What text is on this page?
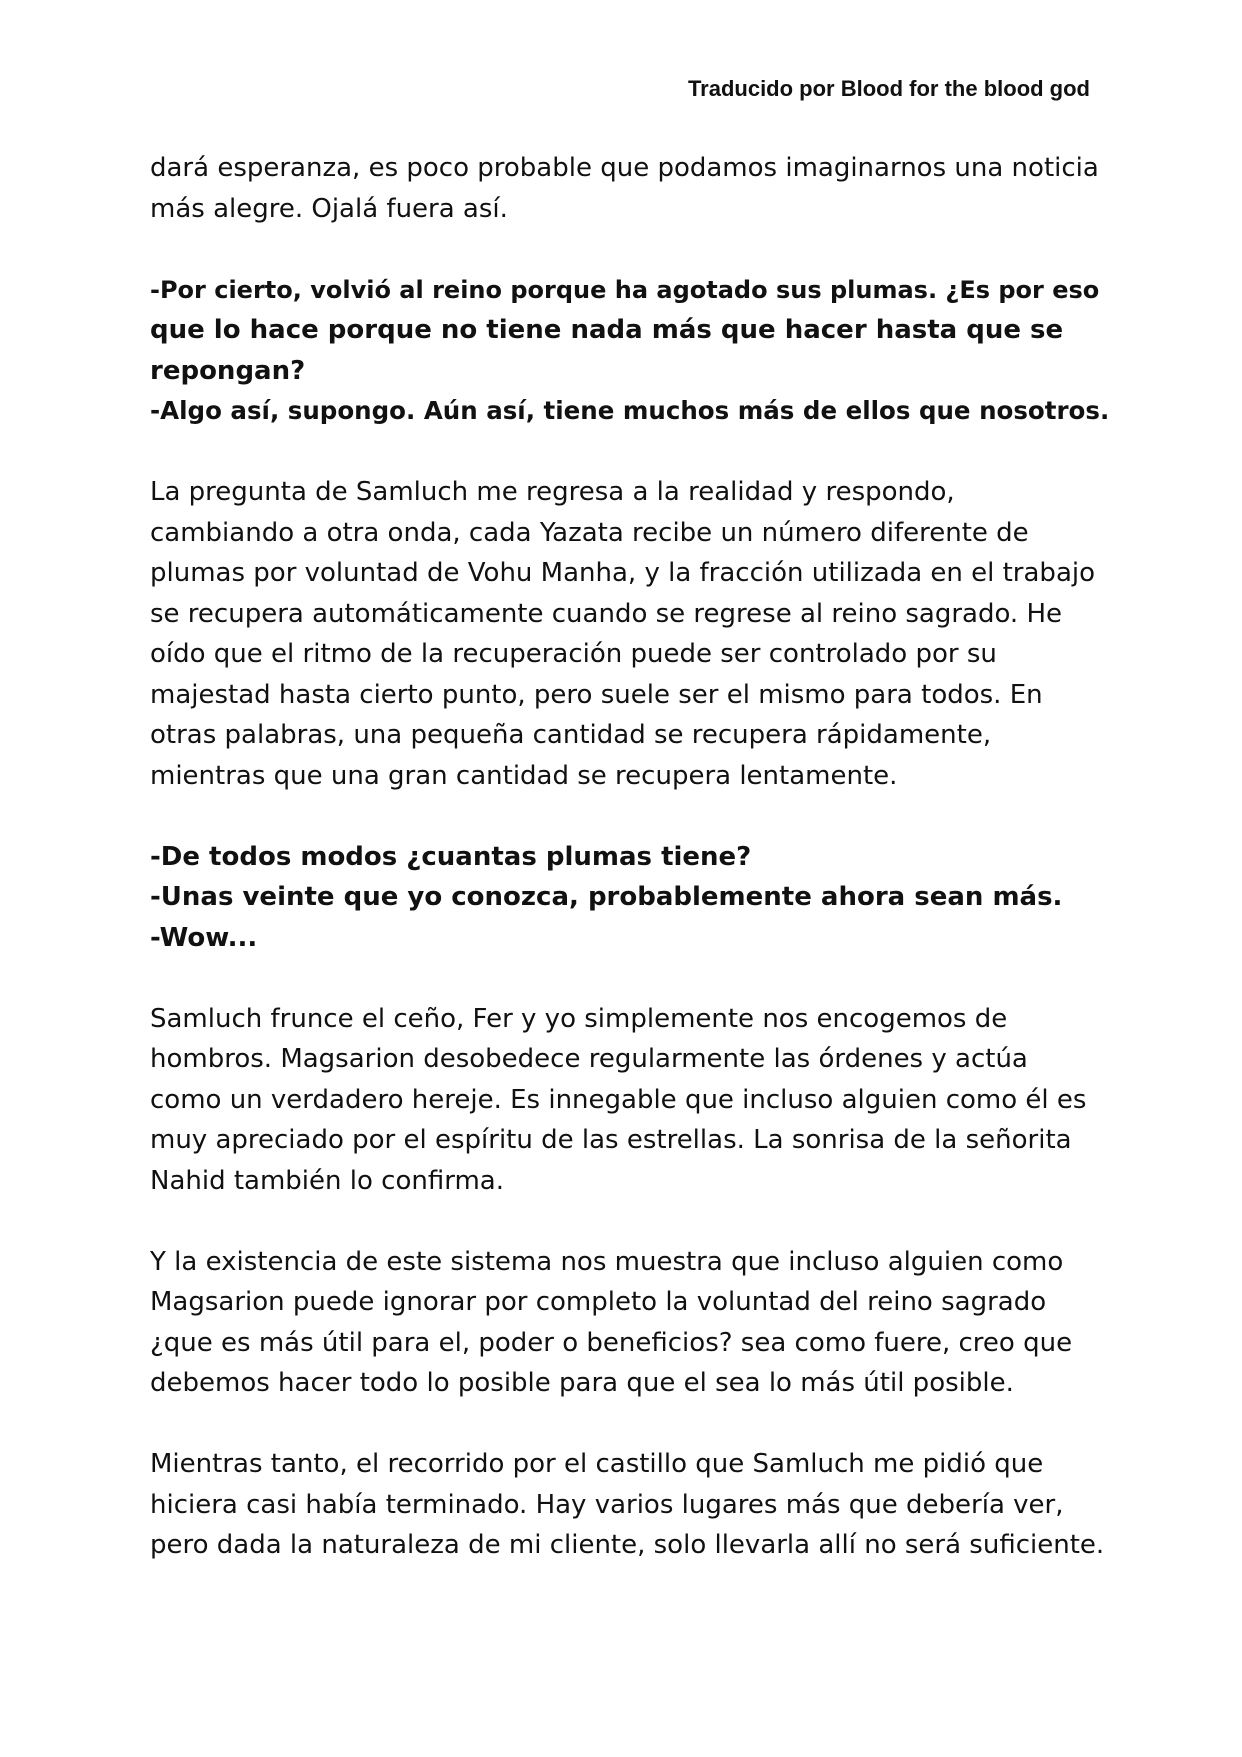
Traducido por Blood for the blood god
dará esperanza, es poco probable que podamos imaginarnos una noticia
más alegre. Ojalá fuera así.
-Por cierto, volvió al reino porque ha agotado sus plumas. ¿Es por eso
que lo hace porque no tiene nada más que hacer hasta que se
repongan?
-Algo así, supongo. Aún así, tiene muchos más de ellos que nosotros.
La pregunta de Samluch me regresa a la realidad y respondo,
cambiando a otra onda, cada Yazata recibe un número diferente de
plumas por voluntad de Vohu Manha, y la fracción utilizada en el trabajo
se recupera automáticamente cuando se regrese al reino sagrado. He
oído que el ritmo de la recuperación puede ser controlado por su
majestad hasta cierto punto, pero suele ser el mismo para todos. En
otras palabras, una pequeña cantidad se recupera rápidamente,
mientras que una gran cantidad se recupera lentamente.
-De todos modos ¿cuantas plumas tiene?
-Unas veinte que yo conozca, probablemente ahora sean más.
-Wow...
Samluch frunce el ceño, Fer y yo simplemente nos encogemos de
hombros. Magsarion desobedece regularmente las órdenes y actúa
como un verdadero hereje. Es innegable que incluso alguien como él es
muy apreciado por el espíritu de las estrellas. La sonrisa de la señorita
Nahid también lo confirma.
Y la existencia de este sistema nos muestra que incluso alguien como
Magsarion puede ignorar por completo la voluntad del reino sagrado
¿que es más útil para el, poder o beneficios? sea como fuere, creo que
debemos hacer todo lo posible para que el sea lo más útil posible.
Mientras tanto, el recorrido por el castillo que Samluch me pidió que
hiciera casi había terminado. Hay varios lugares más que debería ver,
pero dada la naturaleza de mi cliente, solo llevarla allí no será suficiente.
